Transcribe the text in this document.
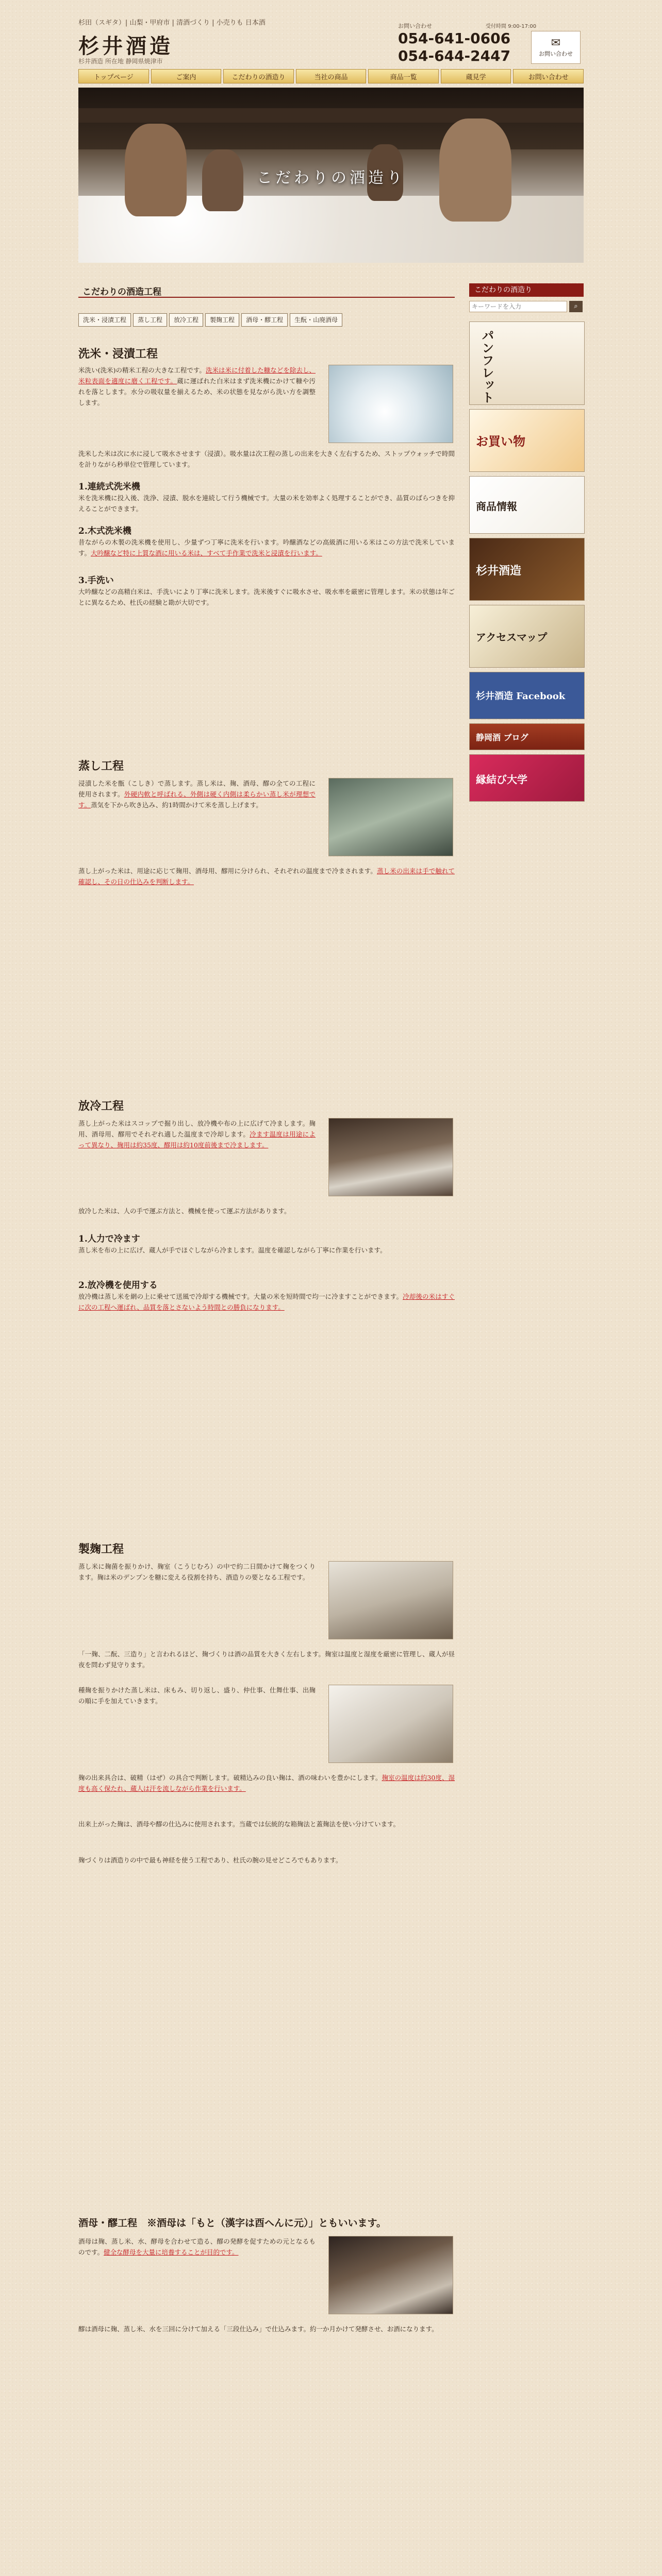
杉田（スギタ）| 山梨・甲府市 | 清酒づくり | 小売りも 日本酒
杉井酒造
杉井酒造 所在地 静岡県焼津市
お問い合わせ	受付時間 9:00-17:00
054-641-0606
054-644-2447
✉
お問い合わせ
トップページ	ご案内	こだわりの酒造り	当社の商品	商品一覧	蔵見学	お問い合わせ
こだわりの酒造り
こだわりの酒造工程
洗米・浸漬工程	蒸し工程	放冷工程	製麹工程	酒母・醪工程	生酛・山廃酒母
洗米・浸漬工程
米洗い(洗米)の精米工程の大きな工程です。洗米は米に付着した糠などを除去し、米粒表面を適度に磨く工程です。蔵に運ばれた白米はまず洗米機にかけて糠や汚れを落とします。水分の吸収量を揃えるため、米の状態を見ながら洗い方を調整します。
洗米した米は次に水に浸して吸水させます（浸漬）。吸水量は次工程の蒸しの出来を大きく左右するため、ストップウォッチで時間を計りながら秒単位で管理しています。
1.連続式洗米機
米を洗米機に投入後、洗浄、浸漬、脱水を連続して行う機械です。大量の米を効率よく処理することができ、品質のばらつきを抑えることができます。
2.木式洗米機
昔ながらの木製の洗米機を使用し、少量ずつ丁寧に洗米を行います。吟醸酒などの高級酒に用いる米はこの方法で洗米しています。大吟醸など特に上質な酒に用いる米は、すべて手作業で洗米と浸漬を行います。
3.手洗い
大吟醸などの高精白米は、手洗いにより丁寧に洗米します。洗米後すぐに吸水させ、吸水率を厳密に管理します。米の状態は年ごとに異なるため、杜氏の経験と勘が大切です。
蒸し工程
浸漬した米を甑（こしき）で蒸します。蒸し米は、麹、酒母、醪の全ての工程に使用されます。外硬内軟と呼ばれる、外側は硬く内側は柔らかい蒸し米が理想です。蒸気を下から吹き込み、約1時間かけて米を蒸し上げます。
蒸し上がった米は、用途に応じて麹用、酒母用、醪用に分けられ、それぞれの温度まで冷まされます。蒸し米の出来は手で触れて確認し、その日の仕込みを判断します。
放冷工程
蒸し上がった米はスコップで掘り出し、放冷機や布の上に広げて冷まします。麹用、酒母用、醪用でそれぞれ適した温度まで冷却します。冷ます温度は用途によって異なり、麹用は約35度、醪用は約10度前後まで冷まします。
放冷した米は、人の手で運ぶ方法と、機械を使って運ぶ方法があります。
1.人力で冷ます
蒸し米を布の上に広げ、蔵人が手でほぐしながら冷まします。温度を確認しながら丁寧に作業を行います。
2.放冷機を使用する
放冷機は蒸し米を網の上に乗せて送風で冷却する機械です。大量の米を短時間で均一に冷ますことができます。冷却後の米はすぐに次の工程へ運ばれ、品質を落とさないよう時間との勝負になります。
製麹工程
蒸し米に麹菌を振りかけ、麹室（こうじむろ）の中で約二日間かけて麹をつくります。麹は米のデンプンを糖に変える役割を持ち、酒造りの要となる工程です。
「一麹、二酛、三造り」と言われるほど、麹づくりは酒の品質を大きく左右します。麹室は温度と湿度を厳密に管理し、蔵人が昼夜を問わず見守ります。
種麹を振りかけた蒸し米は、床もみ、切り返し、盛り、仲仕事、仕舞仕事、出麹の順に手を加えていきます。
麹の出来具合は、破精（はぜ）の具合で判断します。破精込みの良い麹は、酒の味わいを豊かにします。麹室の温度は約30度、湿度も高く保たれ、蔵人は汗を流しながら作業を行います。
出来上がった麹は、酒母や醪の仕込みに使用されます。当蔵では伝統的な箱麹法と蓋麹法を使い分けています。
麹づくりは酒造りの中で最も神経を使う工程であり、杜氏の腕の見せどころでもあります。
酒母・醪工程　※酒母は「もと（漢字は酉へんに元）」ともいいます。
酒母は麹、蒸し米、水、酵母を合わせて造る、醪の発酵を促すための元となるものです。健全な酵母を大量に培養することが目的です。
醪は酒母に麹、蒸し米、水を三回に分けて加える「三段仕込み」で仕込みます。約一か月かけて発酵させ、お酒になります。
こだわりの酒造り
キーワードを入力
⌕
パンフレット
お買い物
商品情報
杉井酒造
アクセスマップ
杉井酒造 Facebook
静岡酒 ブログ
縁結び大学
